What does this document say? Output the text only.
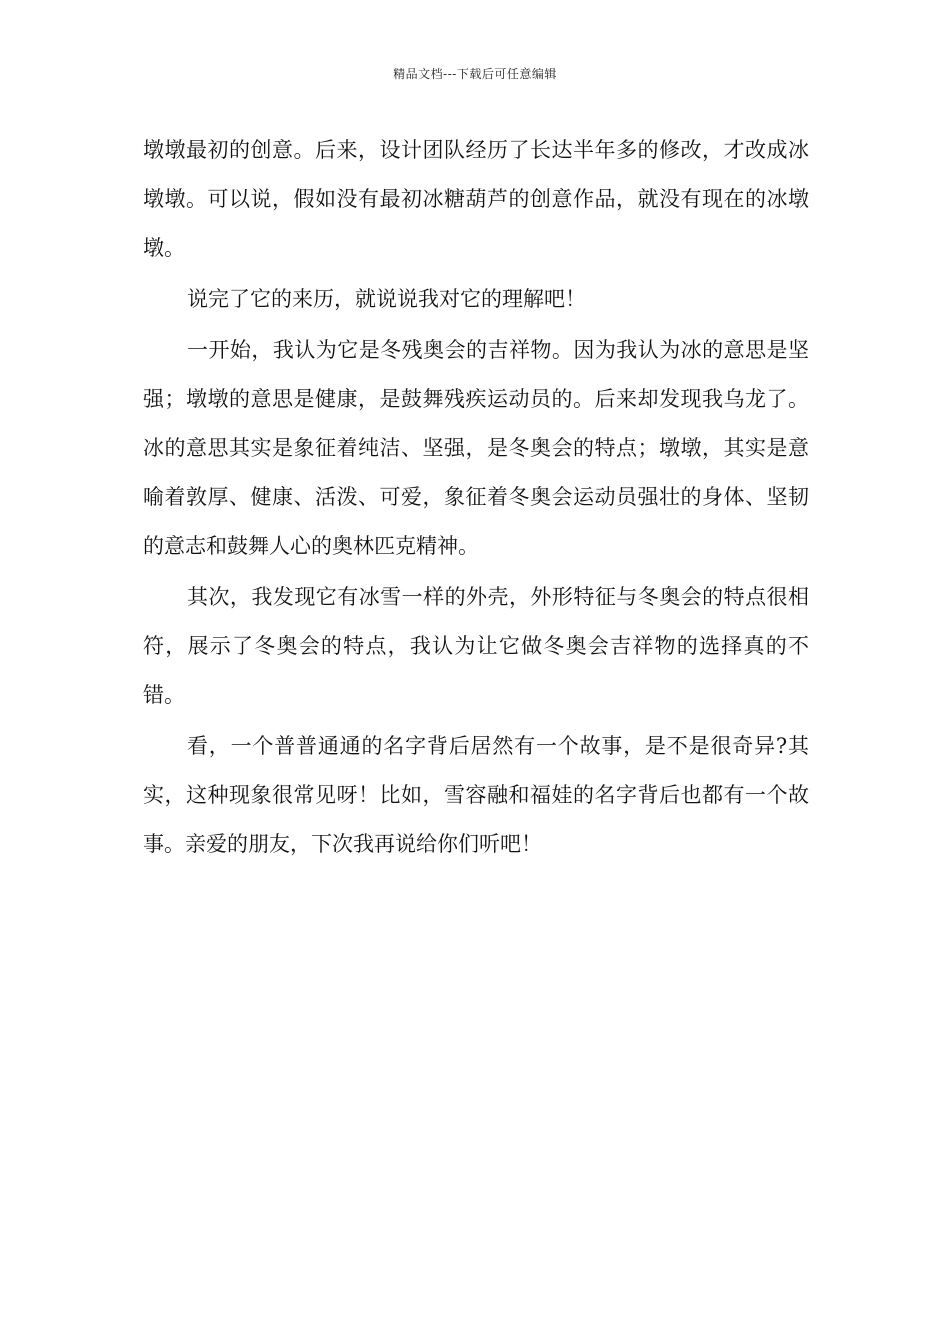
精品文档---下载后可任意编辑

墩墩最初的创意。后来，设计团队经历了长达半年多的修改，才改成冰墩墩。可以说，假如没有最初冰糖葫芦的创意作品，就没有现在的冰墩墩。

说完了它的来历，就说说我对它的理解吧！

一开始，我认为它是冬残奥会的吉祥物。因为我认为冰的意思是坚强；墩墩的意思是健康，是鼓舞残疾运动员的。后来却发现我乌龙了。冰的意思其实是象征着纯洁、坚强，是冬奥会的特点；墩墩，其实是意喻着敦厚、健康、活泼、可爱，象征着冬奥会运动员强壮的身体、坚韧的意志和鼓舞人心的奥林匹克精神。

其次，我发现它有冰雪一样的外壳，外形特征与冬奥会的特点很相符，展示了冬奥会的特点，我认为让它做冬奥会吉祥物的选择真的不错。

看，一个普普通通的名字背后居然有一个故事，是不是很奇异?其实，这种现象很常见呀！比如，雪容融和福娃的名字背后也都有一个故事。亲爱的朋友，下次我再说给你们听吧！
